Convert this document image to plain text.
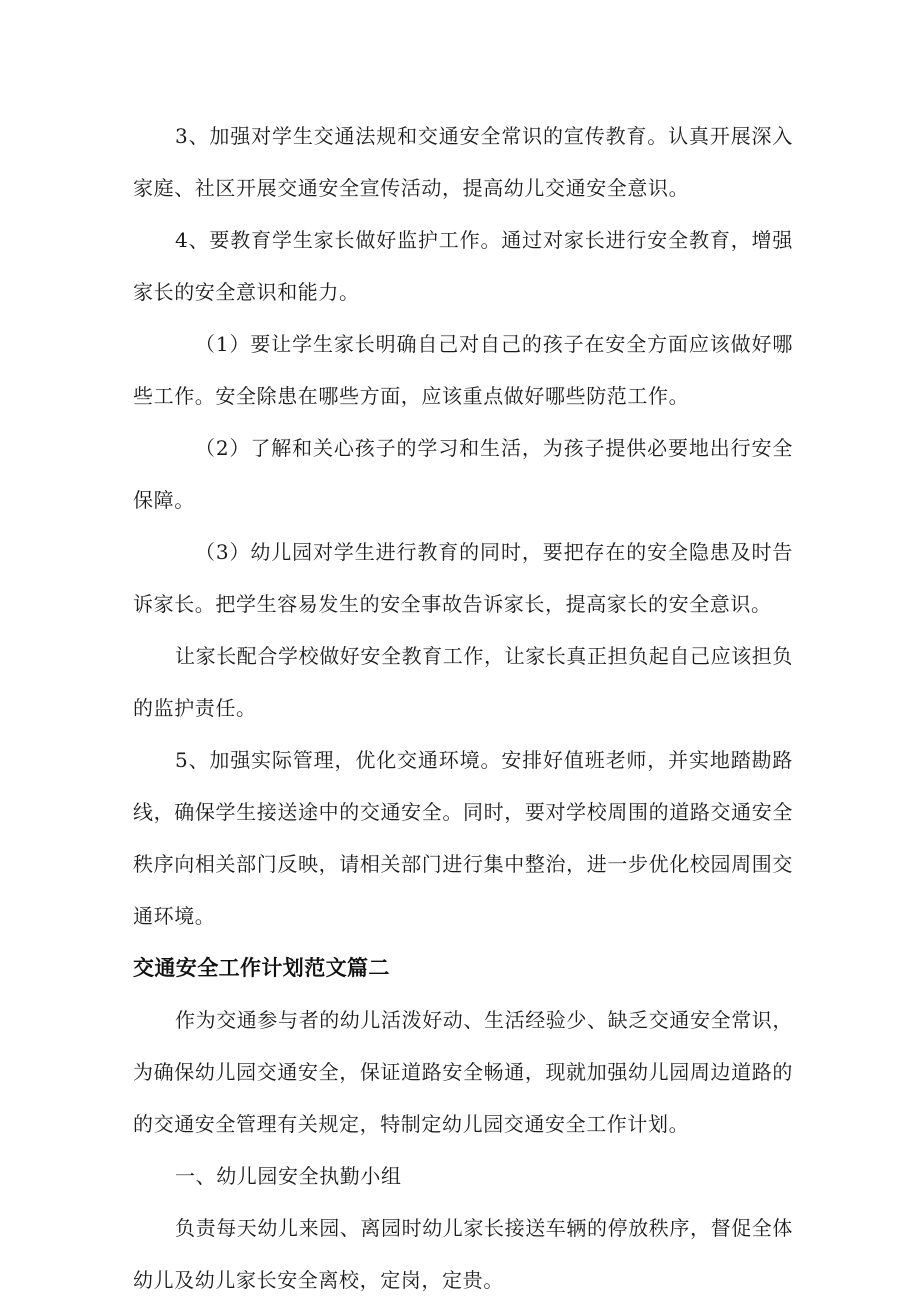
3、加强对学生交通法规和交通安全常识的宣传教育。认真开展深入家庭、社区开展交通安全宣传活动，提高幼儿交通安全意识。

4、要教育学生家长做好监护工作。通过对家长进行安全教育，增强家长的安全意识和能力。

（1）要让学生家长明确自己对自己的孩子在安全方面应该做好哪些工作。安全除患在哪些方面，应该重点做好哪些防范工作。

（2）了解和关心孩子的学习和生活，为孩子提供必要地出行安全保障。

（3）幼儿园对学生进行教育的同时，要把存在的安全隐患及时告诉家长。把学生容易发生的安全事故告诉家长，提高家长的安全意识。

让家长配合学校做好安全教育工作，让家长真正担负起自己应该担负的监护责任。

5、加强实际管理，优化交通环境。安排好值班老师，并实地踏勘路线，确保学生接送途中的交通安全。同时，要对学校周围的道路交通安全秩序向相关部门反映，请相关部门进行集中整治，进一步优化校园周围交通环境。

交通安全工作计划范文篇二

作为交通参与者的幼儿活泼好动、生活经验少、缺乏交通安全常识，为确保幼儿园交通安全，保证道路安全畅通，现就加强幼儿园周边道路的的交通安全管理有关规定，特制定幼儿园交通安全工作计划。

一、幼儿园安全执勤小组

负责每天幼儿来园、离园时幼儿家长接送车辆的停放秩序，督促全体幼儿及幼儿家长安全离校，定岗，定贵。
